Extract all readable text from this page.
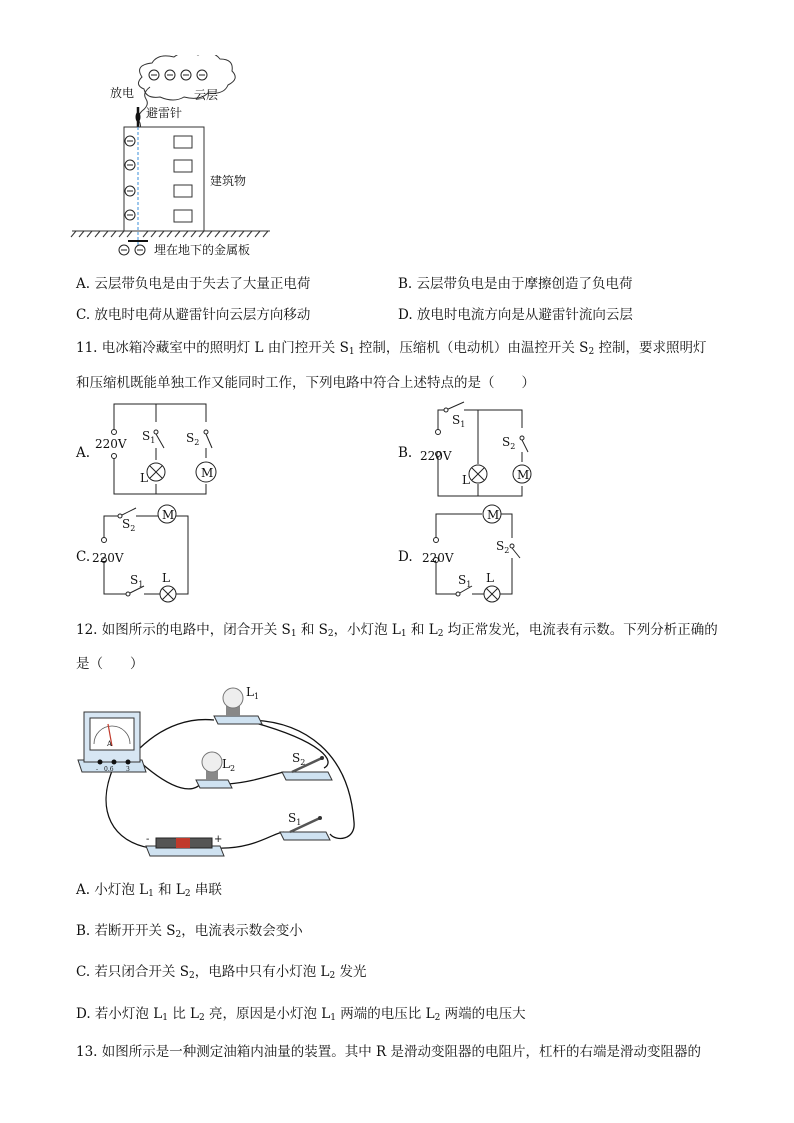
放电	云层
避雷针
建筑物
埋在地下的金属板
A. 云层带负电是由于失去了大量正电荷	B. 云层带负电是由于摩擦创造了负电荷
C. 放电时电荷从避雷针向云层方向移动	D. 放电时电流方向是从避雷针流向云层
11. 电冰箱冷藏室中的照明灯 L 由门控开关 $S_1$ 控制，压缩机（电动机）由温控开关 $S_2$ 控制，要求照明灯
和压缩机既能单独工作又能同时工作，下列电路中符合上述特点的是（　　）
A.
220V
L	M
$S_1$	$S_2$
B. 220V
L	M
$S_1$
$S_2$
C. 220V
M
L
$S_2$
$S_1$
D. 220V
M
L
$S_2$
$S_1$
12. 如图所示的电路中，闭合开关 $S_1$ 和 $S_2$，小灯泡 $L_1$ 和 $L_2$ 均正常发光，电流表有示数。下列分析正确的
是（　　）
A
- 0.6 3
$L_1$
$L_2$
$S_2$
$S_1$
-	+
A. 小灯泡 $L_1$ 和 $L_2$ 串联
B. 若断开开关 $S_2$，电流表示数会变小
C. 若只闭合开关 $S_2$，电路中只有小灯泡 $L_2$ 发光
D. 若小灯泡 $L_1$ 比 $L_2$ 亮，原因是小灯泡 $L_1$ 两端的电压比 $L_2$ 两端的电压大
13. 如图所示是一种测定油箱内油量的装置。其中 R 是滑动变阻器的电阻片，杠杆的右端是滑动变阻器的
